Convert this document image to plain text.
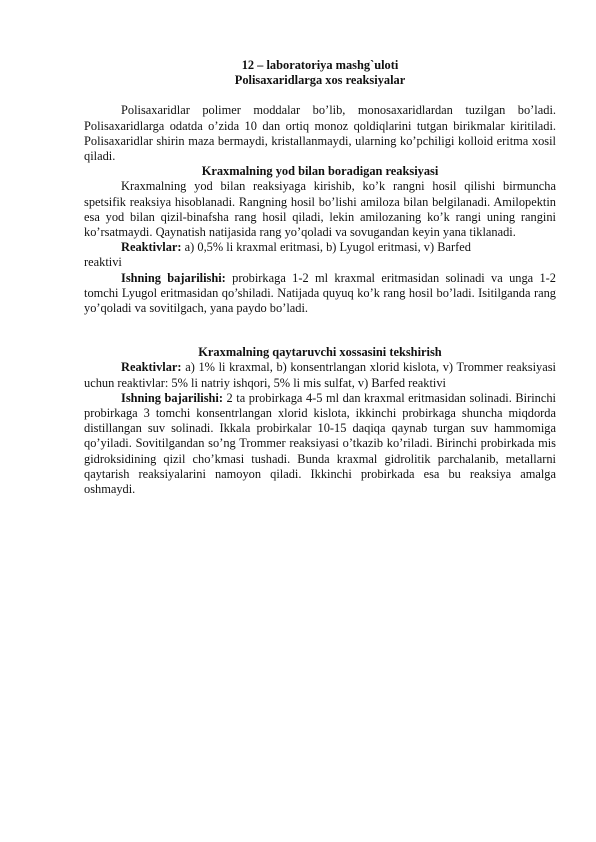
12 – laboratoriya mashg`uloti

Polisaxaridlarga xos reaksiyalar

Polisaxaridlar polimer moddalar bo’lib, monosaxaridlardan tuzilgan bo’ladi. Polisaxaridlarga odatda o’zida 10 dan ortiq monoz qoldiqlarini tutgan birikmalar kiritiladi. Polisaxaridlar shirin maza bermaydi, kristallanmaydi, ularning ko’pchiligi kolloid eritma xosil qiladi.

Kraxmalning yod bilan boradigan reaksiyasi

Kraxmalning yod bilan reaksiyaga kirishib, ko’k rangni hosil qilishi birmuncha spetsifik reaksiya hisoblanadi. Rangning hosil bo’lishi amiloza bilan belgilanadi. Amilopektin esa yod bilan qizil-binafsha rang hosil qiladi, lekin amilozaning ko’k rangi uning rangini ko’rsatmaydi. Qaynatish natijasida rang yo’qoladi va sovugandan keyin yana tiklanadi.

Reaktivlar: a) 0,5% li kraxmal eritmasi, b) Lyugol eritmasi, v) Barfed

reaktivi

Ishning bajarilishi: probirkaga 1-2 ml kraxmal eritmasidan solinadi va unga 1-2 tomchi Lyugol eritmasidan qo’shiladi. Natijada quyuq ko’k rang hosil bo’ladi. Isitilganda rang yo’qoladi va sovitilgach, yana paydo bo’ladi.

Kraxmalning qaytaruvchi xossasini tekshirish

Reaktivlar: a) 1% li kraxmal, b) konsentrlangan xlorid kislota, v) Trommer reaksiyasi uchun reaktivlar: 5% li natriy ishqori, 5% li mis sulfat, v) Barfed reaktivi

Ishning bajarilishi: 2 ta probirkaga 4-5 ml dan kraxmal eritmasidan solinadi. Birinchi probirkaga 3 tomchi konsentrlangan xlorid kislota, ikkinchi probirkaga shuncha miqdorda distillangan suv solinadi. Ikkala probirkalar 10-15 daqiqa qaynab turgan suv hammomiga qo’yiladi. Sovitilgandan so’ng Trommer reaksiyasi o’tkazib ko’riladi. Birinchi probirkada mis gidroksidining qizil cho’kmasi tushadi. Bunda kraxmal gidrolitik parchalanib, metallarni qaytarish reaksiyalarini namoyon qiladi. Ikkinchi probirkada esa bu reaksiya amalga oshmaydi.
